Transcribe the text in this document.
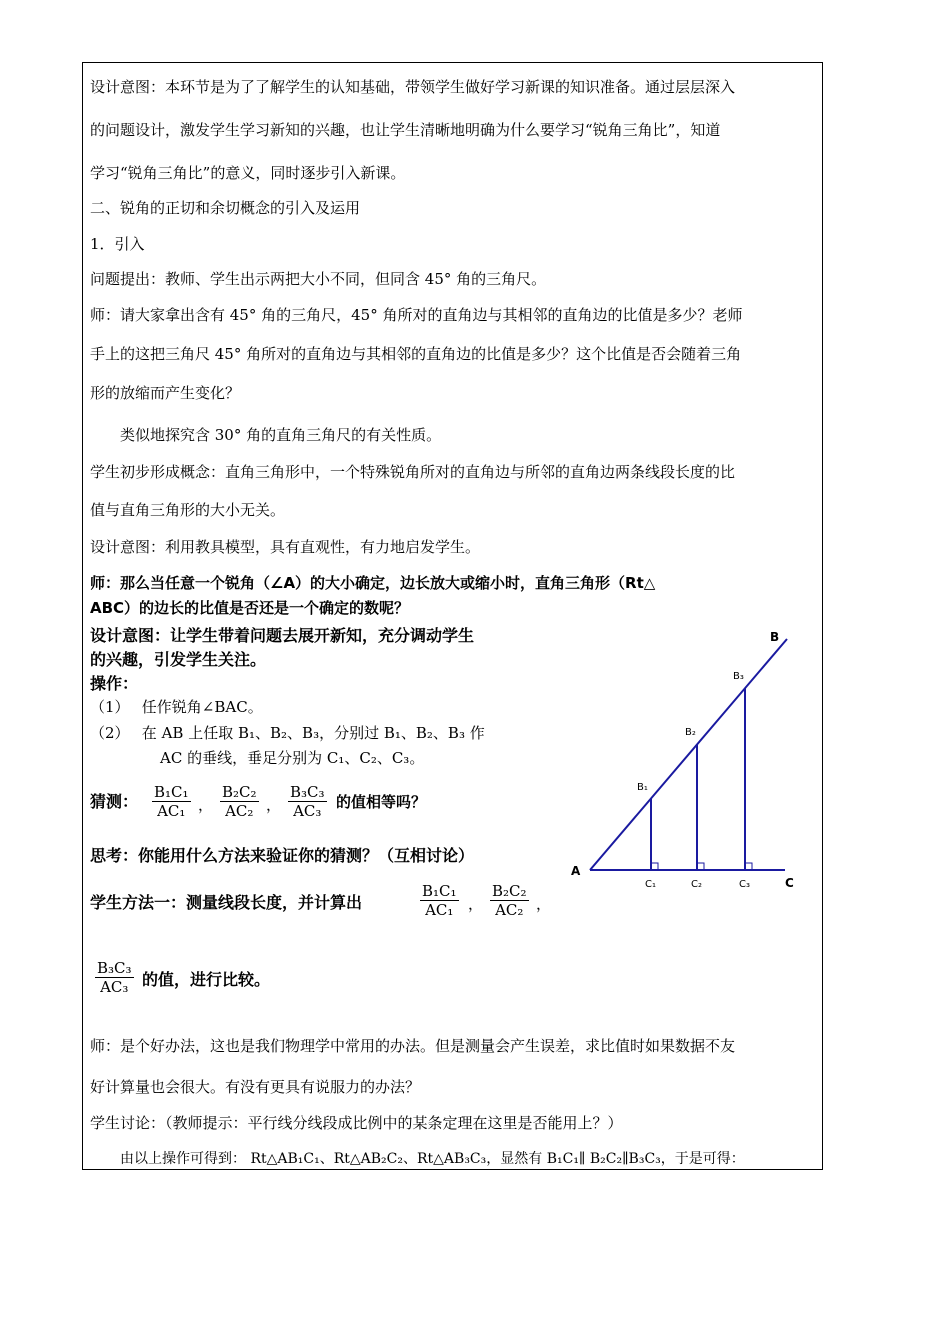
设计意图：本环节是为了了解学生的认知基础，带领学生做好学习新课的知识准备。通过层层深入
的问题设计，激发学生学习新知的兴趣，也让学生清晰地明确为什么要学习“锐角三角比”，知道
学习“锐角三角比”的意义，同时逐步引入新课。
二、锐角的正切和余切概念的引入及运用
1．引入
问题提出：教师、学生出示两把大小不同，但同含 45° 角的三角尺。
师：请大家拿出含有 45° 角的三角尺，45° 角所对的直角边与其相邻的直角边的比值是多少？老师
手上的这把三角尺 45° 角所对的直角边与其相邻的直角边的比值是多少？这个比值是否会随着三角
形的放缩而产生变化？
类似地探究含 30° 角的直角三角尺的有关性质。
学生初步形成概念：直角三角形中，一个特殊锐角所对的直角边与所邻的直角边两条线段长度的比
值与直角三角形的大小无关。
设计意图：利用教具模型，具有直观性，有力地启发学生。
师：那么当任意一个锐角（∠A）的大小确定，边长放大或缩小时，直角三角形（Rt△
ABC）的边长的比值是否还是一个确定的数呢？
设计意图：让学生带着问题去展开新知，充分调动学生
的兴趣，引发学生关注。
操作：
（1）　 任作锐角∠BAC。
（2）　 在 AB 上任取 B₁、B₂、B₃，分别过 B₁、B₂、B₃ 作
AC 的垂线，垂足分别为 C₁、C₂、C₃。
猜测： $\frac{\text{B₁C₁}}{\text{AC₁}}$ ， $\frac{\text{B₂C₂}}{\text{AC₂}}$ ， $\frac{\text{B₃C₃}}{\text{AC₃}}$ 的值相等吗？
思考：你能用什么方法来验证你的猜测？（互相讨论）
学生方法一：测量线段长度，并计算出	$\frac{\text{B₁C₁}}{\text{AC₁}}$ ， $\frac{\text{B₂C₂}}{\text{AC₂}}$ ，
$\frac{\text{B₃C₃}}{\text{AC₃}}$ 的值，进行比较。
师：是个好办法，这也是我们物理学中常用的办法。但是测量会产生误差，求比值时如果数据不友
好计算量也会很大。有没有更具有说服力的办法？
学生讨论：（教师提示：平行线分线段成比例中的某条定理在这里是否能用上？）
由以上操作可得到： Rt△AB₁C₁、Rt△AB₂C₂、Rt△AB₃C₃，显然有 B₁C₁∥ B₂C₂∥B₃C₃，于是可得：
A
B
C
B₁
B₂
B₃
C₁	C₂	C₃
